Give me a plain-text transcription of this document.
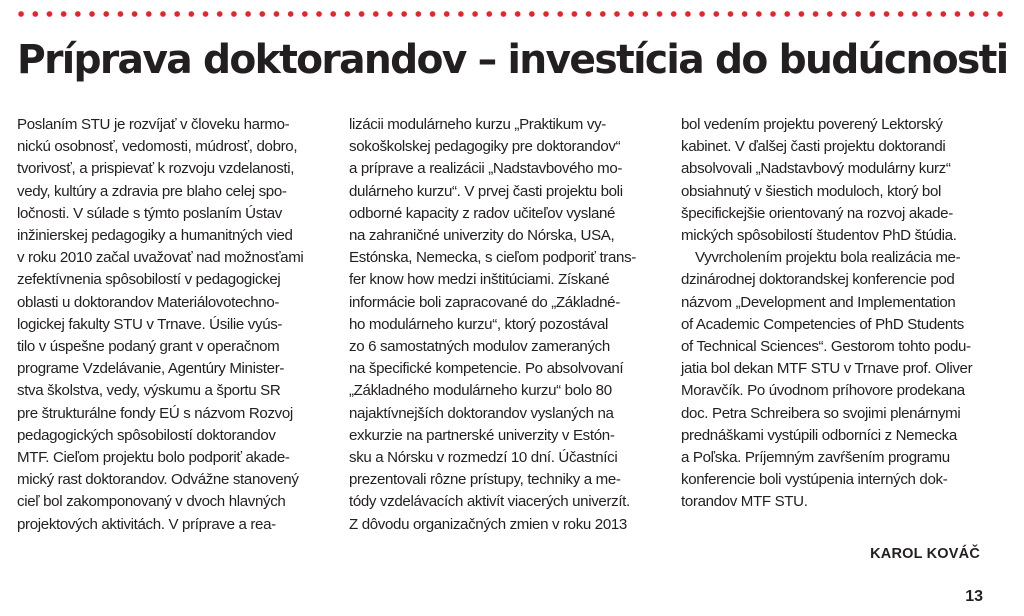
Príprava doktorandov – investícia do budúcnosti
Poslaním STU je rozvíjať v človeku harmo-
nickú osobnosť, vedomosti, múdrosť, dobro,
tvorivosť, a prispievať k rozvoju vzdelanosti,
vedy, kultúry a zdravia pre blaho celej spo-
ločnosti. V súlade s týmto poslaním Ústav
inžinierskej pedagogiky a humanitných vied
v roku 2010 začal uvažovať nad možnosťami
zefektívnenia spôsobilostí v pedagogickej
oblasti u doktorandov Materiálovotechno-
logickej fakulty STU v Trnave. Úsilie vyús-
tilo v úspešne podaný grant v operačnom
programe Vzdelávanie, Agentúry Minister-
stva školstva, vedy, výskumu a športu SR
pre štrukturálne fondy EÚ s názvom Rozvoj
pedagogických spôsobilostí doktorandov
MTF. Cieľom projektu bolo podporiť akade-
mický rast doktorandov. Odvážne stanovený
cieľ bol zakomponovaný v dvoch hlavných
projektových aktivitách. V príprave a rea-
lizácii modulárneho kurzu „Praktikum vy-
sokoškolskej pedagogiky pre doktorandov“
a príprave a realizácii „Nadstavbového mo-
dulárneho kurzu“. V prvej časti projektu boli
odborné kapacity z radov učiteľov vyslané
na zahraničné univerzity do Nórska, USA,
Estónska, Nemecka, s cieľom podporiť trans-
fer know how medzi inštitúciami. Získané
informácie boli zapracované do „Základné-
ho modulárneho kurzu“, ktorý pozostával
zo 6 samostatných modulov zameraných
na špecifické kompetencie. Po absolvovaní
„Základného modulárneho kurzu“ bolo 80
najaktívnejších doktorandov vyslaných na
exkurzie na partnerské univerzity v Estón-
sku a Nórsku v rozmedzí 10 dní. Účastníci
prezentovali rôzne prístupy, techniky a me-
tódy vzdelávacích aktivít viacerých univerzít.
Z dôvodu organizačných zmien v roku 2013
bol vedením projektu poverený Lektorský
kabinet. V ďalšej časti projektu doktorandi
absolvovali „Nadstavbový modulárny kurz“
obsiahnutý v šiestich moduloch, ktorý bol
špecifickejšie orientovaný na rozvoj akade-
mických spôsobilostí študentov PhD štúdia.
Vyvrcholením projektu bola realizácia me-
dzinárodnej doktorandskej konferencie pod
názvom „Development and Implementation
of Academic Competencies of PhD Students
of Technical Sciences“. Gestorom tohto podu-
jatia bol dekan MTF STU v Trnave prof. Oliver
Moravčík. Po úvodnom príhovore prodekana
doc. Petra Schreibera so svojimi plenárnymi
prednáškami vystúpili odborníci z Nemecka
a Poľska. Príjemným zavŕšením programu
konferencie boli vystúpenia interných dok-
torandov MTF STU.
KAROL KOVÁČ
13
